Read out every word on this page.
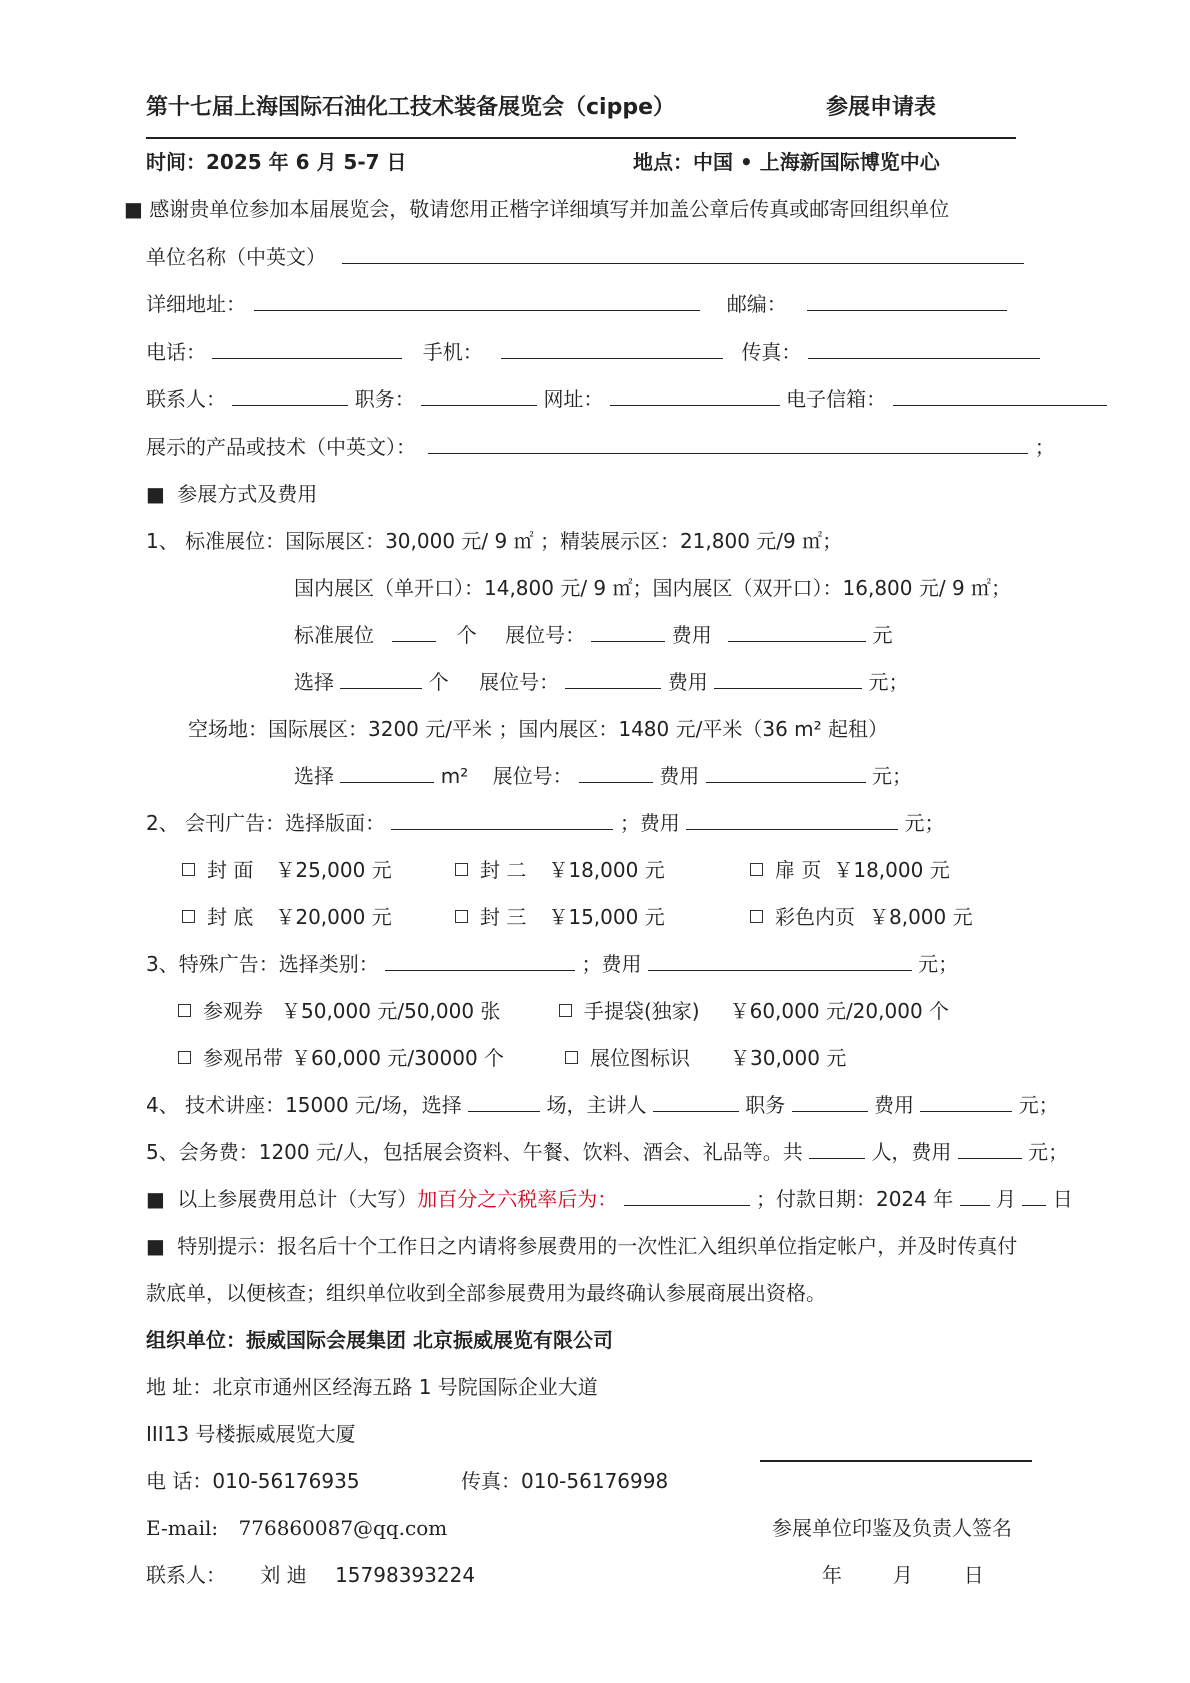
第十七届上海国际石油化工技术装备展览会（cippe）	参展申请表
时间：2025 年 6 月 5-7 日	地点：中国 • 上海新国际博览中心
■ 感谢贵单位参加本届展览会，敬请您用正楷字详细填写并加盖公章后传真或邮寄回组织单位
单位名称（中英文）
详细地址：	邮编：
电话：	手机：	传真：
联系人：	职务：	网址：	电子信箱：
展示的产品或技术（中英文）：	；
■ 参展方式及费用
1、 标准展位：国际展区：30,000 元/ 9 ㎡ ；精装展示区：21,800 元/9 ㎡；
国内展区（单开口）：14,800 元/ 9 ㎡；国内展区（双开口）：16,800 元/ 9 ㎡；
标准展位	个 展位号：	费用	元
选择	个 展位号：	费用	元；
空场地：国际展区：3200 元/平米 ；国内展区：1480 元/平米（36 m² 起租）
选择	m² 展位号：	费用	元；
2、 会刊广告：选择版面：	；费用	元；
封 面 ￥25,000 元	封 二 ￥18,000 元	扉 页 ￥18,000 元
封 底 ￥20,000 元	封 三 ￥15,000 元	彩色内页 ￥8,000 元
3、特殊广告：选择类别：	；费用	元；
参观券 ￥50,000 元/50,000 张	手提袋(独家) ￥60,000 元/20,000 个
参观吊带 ￥60,000 元/30000 个	展位图标识 ￥30,000 元
4、 技术讲座：15000 元/场，选择	场，主讲人	职务	费用	元；
5、会务费：1200 元/人，包括展会资料、午餐、饮料、酒会、礼品等。共	人，费用	元；
■ 以上参展费用总计（大写）加百分之六税率后为：	；付款日期：2024 年 月 日
■ 特别提示：报名后十个工作日之内请将参展费用的一次性汇入组织单位指定帐户，并及时传真付
款底单，以便核查；组织单位收到全部参展费用为最终确认参展商展出资格。
组织单位：振威国际会展集团 北京振威展览有限公司
地 址：北京市通州区经海五路 1 号院国际企业大道
III13 号楼振威展览大厦
电 话：010-56176935	传真：010-56176998
E-mail: 776860087@qq.com
联系人： 刘 迪 15798393224
参展单位印鉴及负责人签名
年        月        日
